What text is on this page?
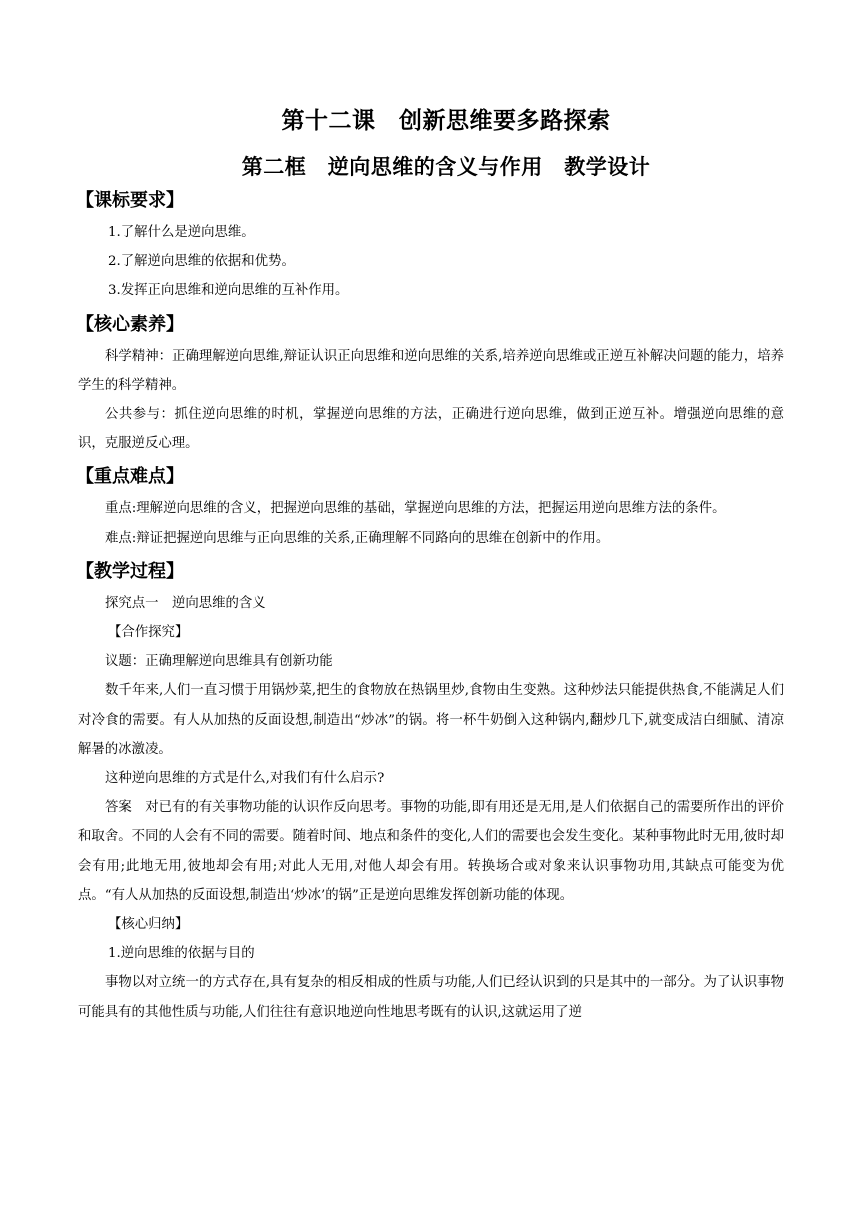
第十二课　创新思维要多路探索
第二框　逆向思维的含义与作用　教学设计
【课标要求】

1.了解什么是逆向思维。

2.了解逆向思维的依据和优势。

3.发挥正向思维和逆向思维的互补作用。

【核心素养】

科学精神：正确理解逆向思维,辩证认识正向思维和逆向思维的关系,培养逆向思维或正逆互补解决问题的能力，培养学生的科学精神。

公共参与：抓住逆向思维的时机，掌握逆向思维的方法，正确进行逆向思维，做到正逆互补。增强逆向思维的意识，克服逆反心理。

【重点难点】

重点:理解逆向思维的含义，把握逆向思维的基础，掌握逆向思维的方法，把握运用逆向思维方法的条件。

难点:辩证把握逆向思维与正向思维的关系,正确理解不同路向的思维在创新中的作用。

【教学过程】

探究点一　逆向思维的含义

【合作探究】

议题：正确理解逆向思维具有创新功能

数千年来,人们一直习惯于用锅炒菜,把生的食物放在热锅里炒,食物由生变熟。这种炒法只能提供热食,不能满足人们对冷食的需要。有人从加热的反面设想,制造出“炒冰”的锅。将一杯牛奶倒入这种锅内,翻炒几下,就变成洁白细腻、清凉解暑的冰激凌。

这种逆向思维的方式是什么,对我们有什么启示?

答案　对已有的有关事物功能的认识作反向思考。事物的功能,即有用还是无用,是人们依据自己的需要所作出的评价和取舍。不同的人会有不同的需要。随着时间、地点和条件的变化,人们的需要也会发生变化。某种事物此时无用,彼时却会有用;此地无用,彼地却会有用;对此人无用,对他人却会有用。转换场合或对象来认识事物功用,其缺点可能变为优点。“有人从加热的反面设想,制造出‘炒冰’的锅”正是逆向思维发挥创新功能的体现。

【核心归纳】

1.逆向思维的依据与目的

事物以对立统一的方式存在,具有复杂的相反相成的性质与功能,人们已经认识到的只是其中的一部分。为了认识事物可能具有的其他性质与功能,人们往往有意识地逆向性地思考既有的认识,这就运用了逆
